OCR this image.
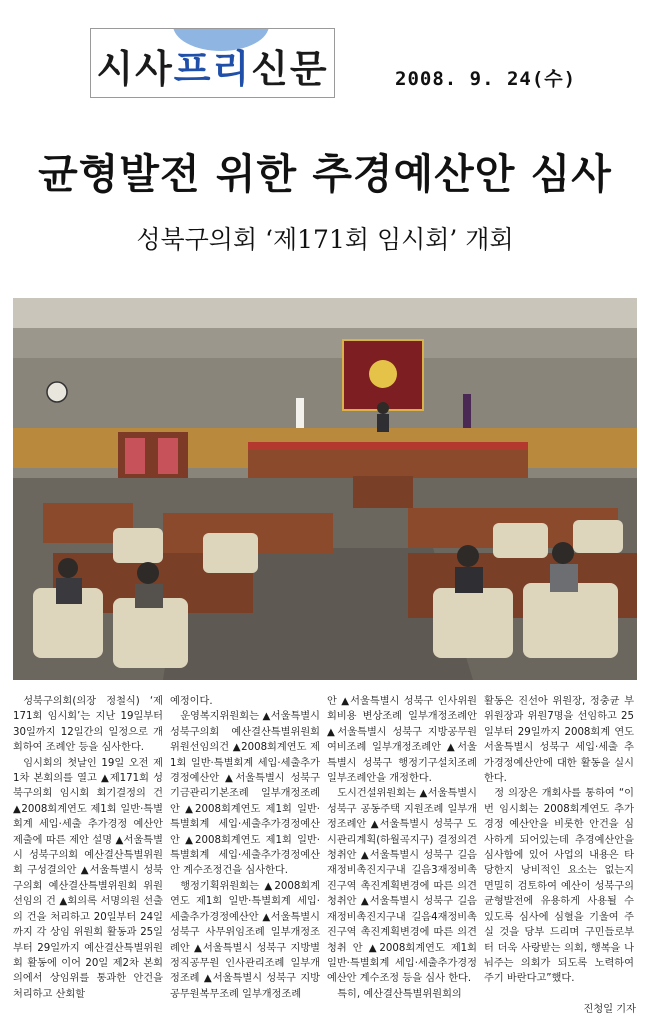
시사프리신문	2008. 9. 24(수)
균형발전 위한 추경예산안 심사
성북구의회 ‘제171회 임시회’ 개회

성북구의회(의장 정철식) ‘제171회 임시회’는 지난 19일부터 30일까지 12일간의 일정으로 개회하여 조례안 등을 심사한다.

임시회의 첫날인 19일 오전 제1차 본회의를 열고 ▲제171회 성북구의회 임시회 회기결정의 건 ▲2008회계연도 제1회 일반·특별회계 세입·세출 추가경정 예산안 제출에 따른 제안 설명 ▲서울특별시 성북구의회 예산결산특별위원회 구성결의안 ▲서울특별시 성북구의회 예산결산특별위원회 위원선임의 건 ▲회의록 서명의원 선출의 건을 처리하고 20일부터 24일까지 각 상임 위원회 활동과 25일부터 29일까지 예산결산특별위원회 활동에 이어 20일 제2차 본회의에서 상임위를 통과한 안건을 처리하고 산회할

예정이다.

운영복지위원회는 ▲서울특별시 성북구의회 예산결산특별위원회 위원선임의건 ▲2008회계연도 제1회 일반·특별회계 세입·세출추가경정예산안 ▲서울특별시 성북구 기금관리기본조례 일부개정조례안 ▲2008회계연도 제1회 일반·특별회계 세입·세출추가경정예산안 ▲2008회계연도 제1회 일반·특별회계 세입·세출추가경정예산안 계수조정건을 심사한다.

행정기획위원회는 ▲2008회계연도 제1회 일반·특별회계 세입·세출추가경정예산안 ▲서울특별시 성북구 사무위임조례 일부개정조례안 ▲서울특별시 성북구 지방별정직공무원 인사관리조례 일부개정조례 ▲서울특별시 성북구 지방공무원복무조례 일부개정조례

안 ▲서울특별시 성북구 인사위원회비용 변상조례 일부개정조례안 ▲서울특별시 성북구 지방공무원여비조례 일부개정조례안 ▲서울특별시 성북구 행정기구설치조례 일부조례안을 개정한다.

도시건설위원회는 ▲서울특별시 성북구 공동주택 지원조례 일부개정조례안 ▲서울특별시 성북구 도시관리계획(하월곡지구) 결정의견청취안 ▲서울특별시 성북구 길음재정비촉진지구내 길음3재정비촉진구역 촉진계획변경에 따른 의견청취안 ▲서울특별시 성북구 길음재정비촉진지구내 길음4재정비촉진구역 촉진계획변경에 따른 의견청취 안 ▲2008회계연도 제1회 일반·특별회계 세입·세출추가경정예산안 계수조정 등을 심사 한다.

특히, 예산결산특별위원회의

활동은 진선아 위원장, 정충균 부위원장과 위원7명을 선임하고 25일부터 29일까지 2008회계 연도 서울특별시 성북구 세입·세출 추가경정예산안에 대한 활동을 실시한다.

정 의장은 개회사를 통하여 “이번 임시회는 2008회계연도 추가경정 예산안을 비롯한 안건을 심사하게 되어있는데 추경예산안을 심사함에 있어 사업의 내용은 타당한지 낭비적인 요소는 없는지 면밀히 검토하여 예산이 성북구의 균형발전에 유용하게 사용될 수 있도록 심사에 심혈을 기울여 주실 것을 당부 드리며 구민들로부터 더욱 사랑받는 의회, 행복을 나눠주는 의회가 되도록 노력하여 주기 바란다고”했다.

진청일 기자
